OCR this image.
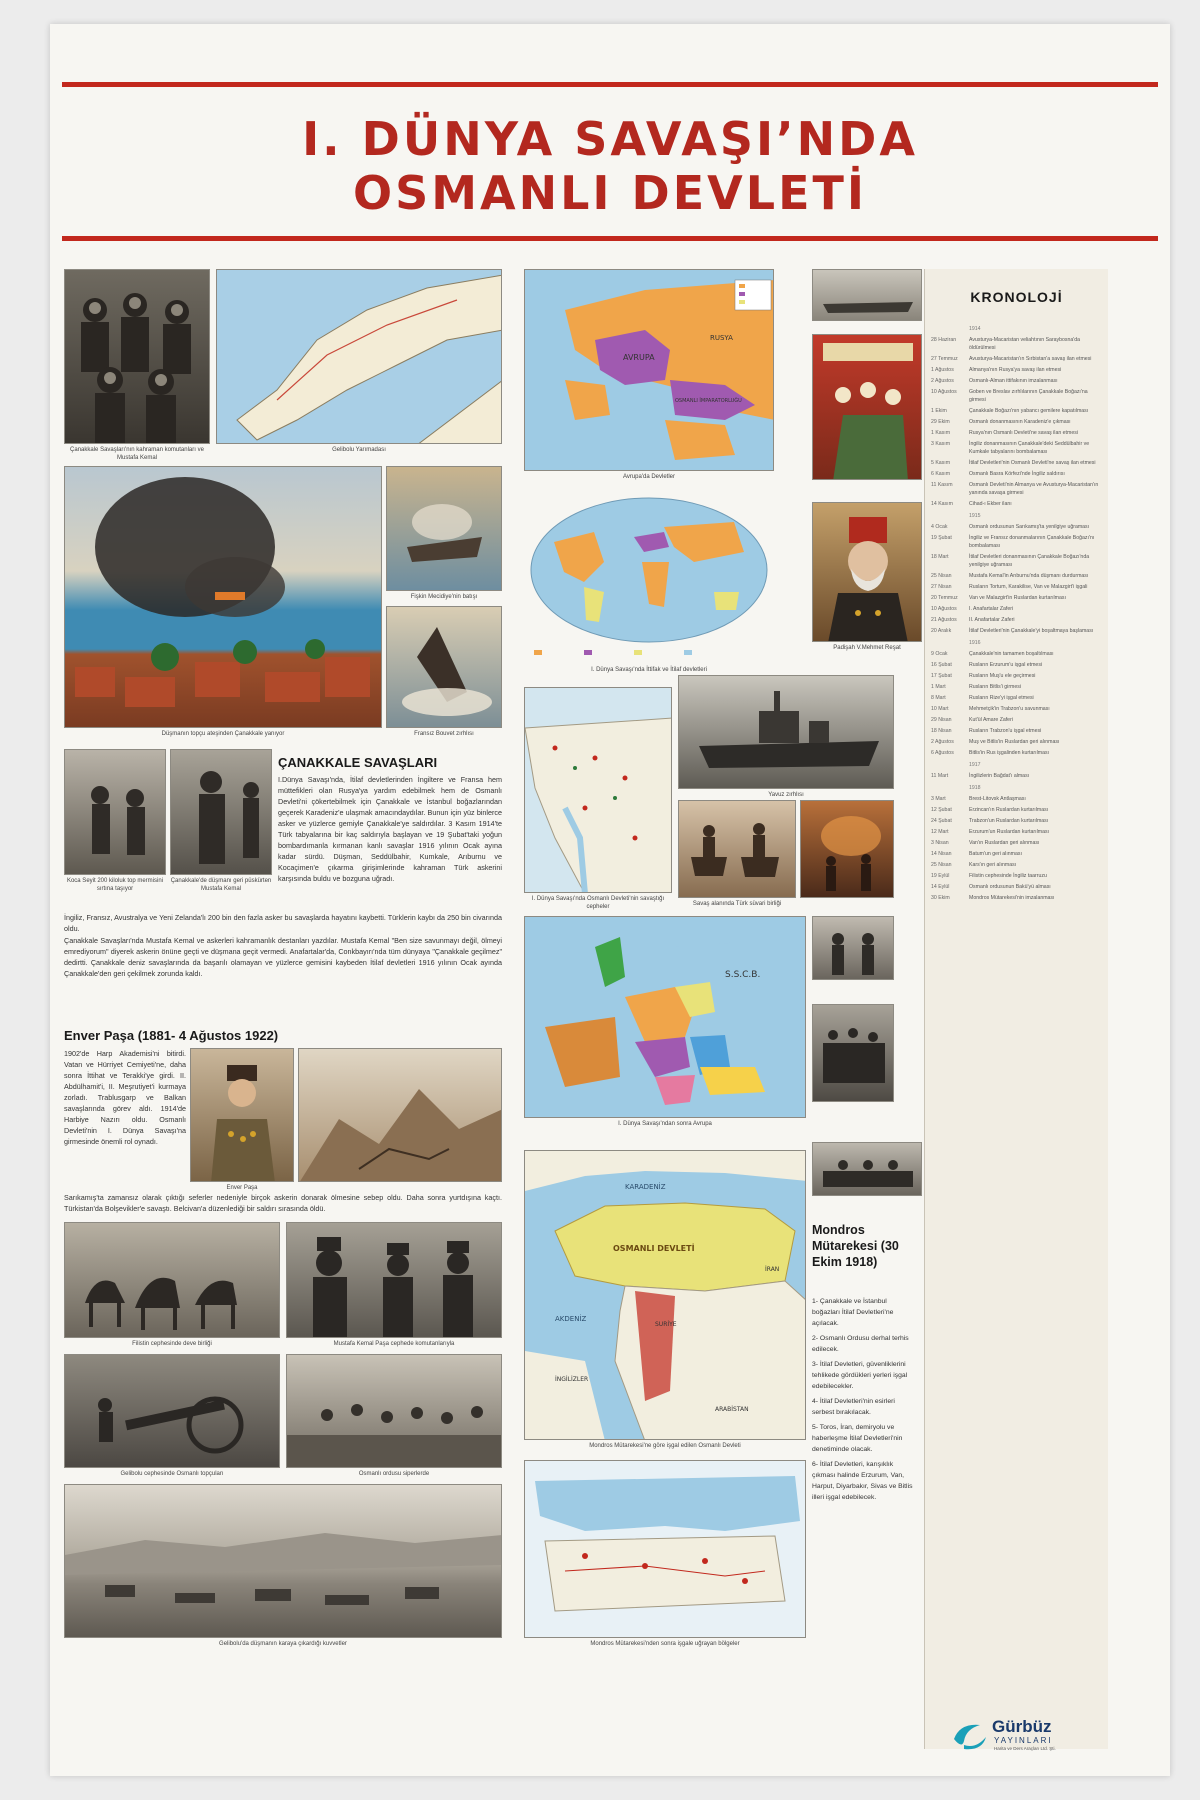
I. DÜNYA SAVAŞI’NDA
OSMANLI DEVLETİ
Çanakkale Savaşları'nın kahraman komutanları ve Mustafa Kemal
Gelibolu Yarımadası
Düşmanın topçu ateşinden Çanakkale yanıyor
Fişkin Mecidiye'nin batışı
Fransız Bouvet zırhlısı
Koca Seyit 200 kiloluk top mermisini sırtına taşıyor
Çanakkale'de düşmanı geri püskürten Mustafa Kemal
ÇANAKKALE SAVAŞLARI

I.Dünya Savaşı'nda, İtilaf devletlerinden İngiltere ve Fransa hem müttefikleri olan Rusya'ya yardım edebilmek hem de Osmanlı Devleti'ni çökertebilmek için Çanakkale ve İstanbul boğazlarından geçerek Karadeniz'e ulaşmak amacındaydılar. Bunun için yüz binlerce asker ve yüzlerce gemiyle Çanakkale'ye saldırdılar. 3 Kasım 1914'te Türk tabyalarına bir kaç saldırıyla başlayan ve 19 Şubat'taki yoğun bombardımanla kırmanan kanlı savaşlar 1916 yılının Ocak ayına kadar sürdü. Düşman, Seddülbahir, Kumkale, Arıburnu ve Kocaçimen'e çıkarma girişimlerinde kahraman Türk askerini karşısında buldu ve bozguna uğradı.

İngiliz, Fransız, Avustralya ve Yeni Zelanda'lı 200 bin den fazla asker bu savaşlarda hayatını kaybetti. Türklerin kaybı da 250 bin civarında oldu.

Çanakkale Savaşları'nda Mustafa Kemal ve askerleri kahramanlık destanları yazdılar. Mustafa Kemal "Ben size savunmayı değil, ölmeyi emrediyorum" diyerek askerin önüne geçti ve düşmana geçit vermedi. Anafartalar'da, Conkbayırı'nda tüm dünyaya "Çanakkale geçilmez" dedirtti. Çanakkale deniz savaşlarında da başarılı olamayan ve yüzlerce gemisini kaybeden İtilaf devletleri 1916 yılının Ocak ayında Çanakkale'den geri çekilmek zorunda kaldı.

Enver Paşa (1881- 4 Ağustos 1922)
1902'de Harp Akademisi'ni bitirdi. Vatan ve Hürriyet Cemiyeti'ne, daha sonra İttihat ve Terakki'ye girdi. II. Abdülhamit'i, II. Meşrutiyet'i kurmaya zorladı. Trablusgarp ve Balkan savaşlarında görev aldı. 1914'de Harbiye Nazırı oldu. Osmanlı Devleti'nin I. Dünya Savaşı'na girmesinde önemli rol oynadı.
Enver Paşa
Sarıkamış'ta zamansız olarak çıktığı seferler nedeniyle birçok askerin donarak ölmesine sebep oldu. Daha sonra yurtdışına kaçtı. Türkistan'da Bolşevikler'e savaştı. Belcivan'a düzenlediği bir saldırı sırasında öldü.
Filistin cephesinde deve birliği	Mustafa Kemal Paşa cephede komutanlarıyla
Gelibolu cephesinde Osmanlı topçuları	Osmanlı ordusu siperlerde
Gelibolu'da düşmanın karaya çıkardığı kuvvetler
AVRUPA
RUSYA
OSMANLI İMPARATORLUĞU
Avrupa'da Devletler
I. Dünya Savaşı'nda İttifak ve İtilaf devletleri
I. Dünya Savaşı'nda Osmanlı Devleti'nin savaştığı cepheler
Yavuz zırhlısı
Savaş alanında Türk süvari birliği
S.S.C.B.
I. Dünya Savaşı'ndan sonra Avrupa
KARADENİZ
OSMANLI DEVLETİ
AKDENİZ
İRAN
ARABİSTAN
İNGİLİZLER
SURİYE
Mondros Mütarekesi'ne göre işgal edilen Osmanlı Devleti
Mondros Mütarekesi'nden sonra işgale uğrayan bölgeler
Padişah V.Mehmet Reşat
Mondros Mütarekesi (30 Ekim 1918)

1- Çanakkale ve İstanbul boğazları İtilaf Devletleri'ne açılacak.

2- Osmanlı Ordusu derhal terhis edilecek.

3- İtilaf Devletleri, güvenliklerini tehlikede gördükleri yerleri işgal edebilecekler.

4- İtilaf Devletleri'nin esirleri serbest bırakılacak.

5- Toros, İran, demiryolu ve haberleşme İtilaf Devletleri'nin denetiminde olacak.

6- İtilaf Devletleri, karışıklık çıkması halinde Erzurum, Van, Harput, Diyarbakır, Sivas ve Bitlis illeri işgal edebilecek.

KRONOLOJİ
1914
28 Haziran	Avusturya-Macaristan veliahtının Saraybosna'da öldürülmesi
27 Temmuz	Avusturya-Macaristan'ın Sırbistan'a savaş ilan etmesi
1 Ağustos	Almanya'nın Rusya'ya savaş ilan etmesi
2 Ağustos	Osmanlı-Alman ittifakının imzalanması
10 Ağustos	Goben ve Breslav zırhlılarının Çanakkale Boğazı'na girmesi
1 Ekim	Çanakkale Boğazı'nın yabancı gemilere kapatılması
29 Ekim	Osmanlı donanmasının Karadeniz'e çıkması
1 Kasım	Rusya'nın Osmanlı Devleti'ne savaş ilan etmesi
3 Kasım	İngiliz donanmasının Çanakkale'deki Seddülbahir ve Kumkale tabyalarını bombalaması
5 Kasım	İtilaf Devletleri'nin Osmanlı Devleti'ne savaş ilan etmesi
6 Kasım	Osmanlı Basra Körfezi'nde İngiliz saldırısı
11 Kasım	Osmanlı Devleti'nin Almanya ve Avusturya-Macaristan'ın yanında savaşa girmesi
14 Kasım	Cihad-ı Ekber ilanı
1915
4 Ocak	Osmanlı ordusunun Sarıkamış'ta yenilgiye uğraması
19 Şubat	İngiliz ve Fransız donanmalarının Çanakkale Boğazı'nı bombalaması
18 Mart	İtilaf Devletleri donanmasının Çanakkale Boğazı'nda yenilgiye uğraması
25 Nisan	Mustafa Kemal'in Arıburnu'nda düşmanı durdurması
27 Nisan	Rusların Tortum, Karakilise, Van ve Malazgirt'i işgali
20 Temmuz	Van ve Malazgirt'in Ruslardan kurtarılması
10 Ağustos	I. Anafartalar Zaferi
21 Ağustos	II. Anafartalar Zaferi
20 Aralık	İtilaf Devletleri'nin Çanakkale'yi boşaltmaya başlaması
1916
9 Ocak	Çanakkale'nin tamamen boşaltılması
16 Şubat	Rusların Erzurum'u işgal etmesi
17 Şubat	Rusların Muş'u ele geçirmesi
1 Mart	Rusların Bitlis'i girmesi
8 Mart	Rusların Rize'yi işgal etmesi
10 Mart	Mehmetçik'in Trabzon'u savunması
29 Nisan	Kut'ül Amare Zaferi
18 Nisan	Rusların Trabzon'u işgal etmesi
2 Ağustos	Muş ve Bitlis'in Ruslardan geri alınması
6 Ağustos	Bitlis'in Rus işgalinden kurtarılması
1917
11 Mart	İngilizlerin Bağdat'ı alması
1918
3 Mart	Brest-Litovsk Antlaşması
12 Şubat	Erzincan'ın Ruslardan kurtarılması
24 Şubat	Trabzon'un Ruslardan kurtarılması
12 Mart	Erzurum'un Ruslardan kurtarılması
3 Nisan	Van'ın Ruslardan geri alınması
14 Nisan	Batum'un geri alınması
25 Nisan	Kars'ın geri alınması
19 Eylül	Filistin cephesinde İngiliz taarruzu
14 Eylül	Osmanlı ordusunun Bakü'yü alması
30 Ekim	Mondros Mütarekesi'nin imzalanması
Gürbüz
YAYINLARI
Harita ve Ders Araçları Ltd. Şti.
